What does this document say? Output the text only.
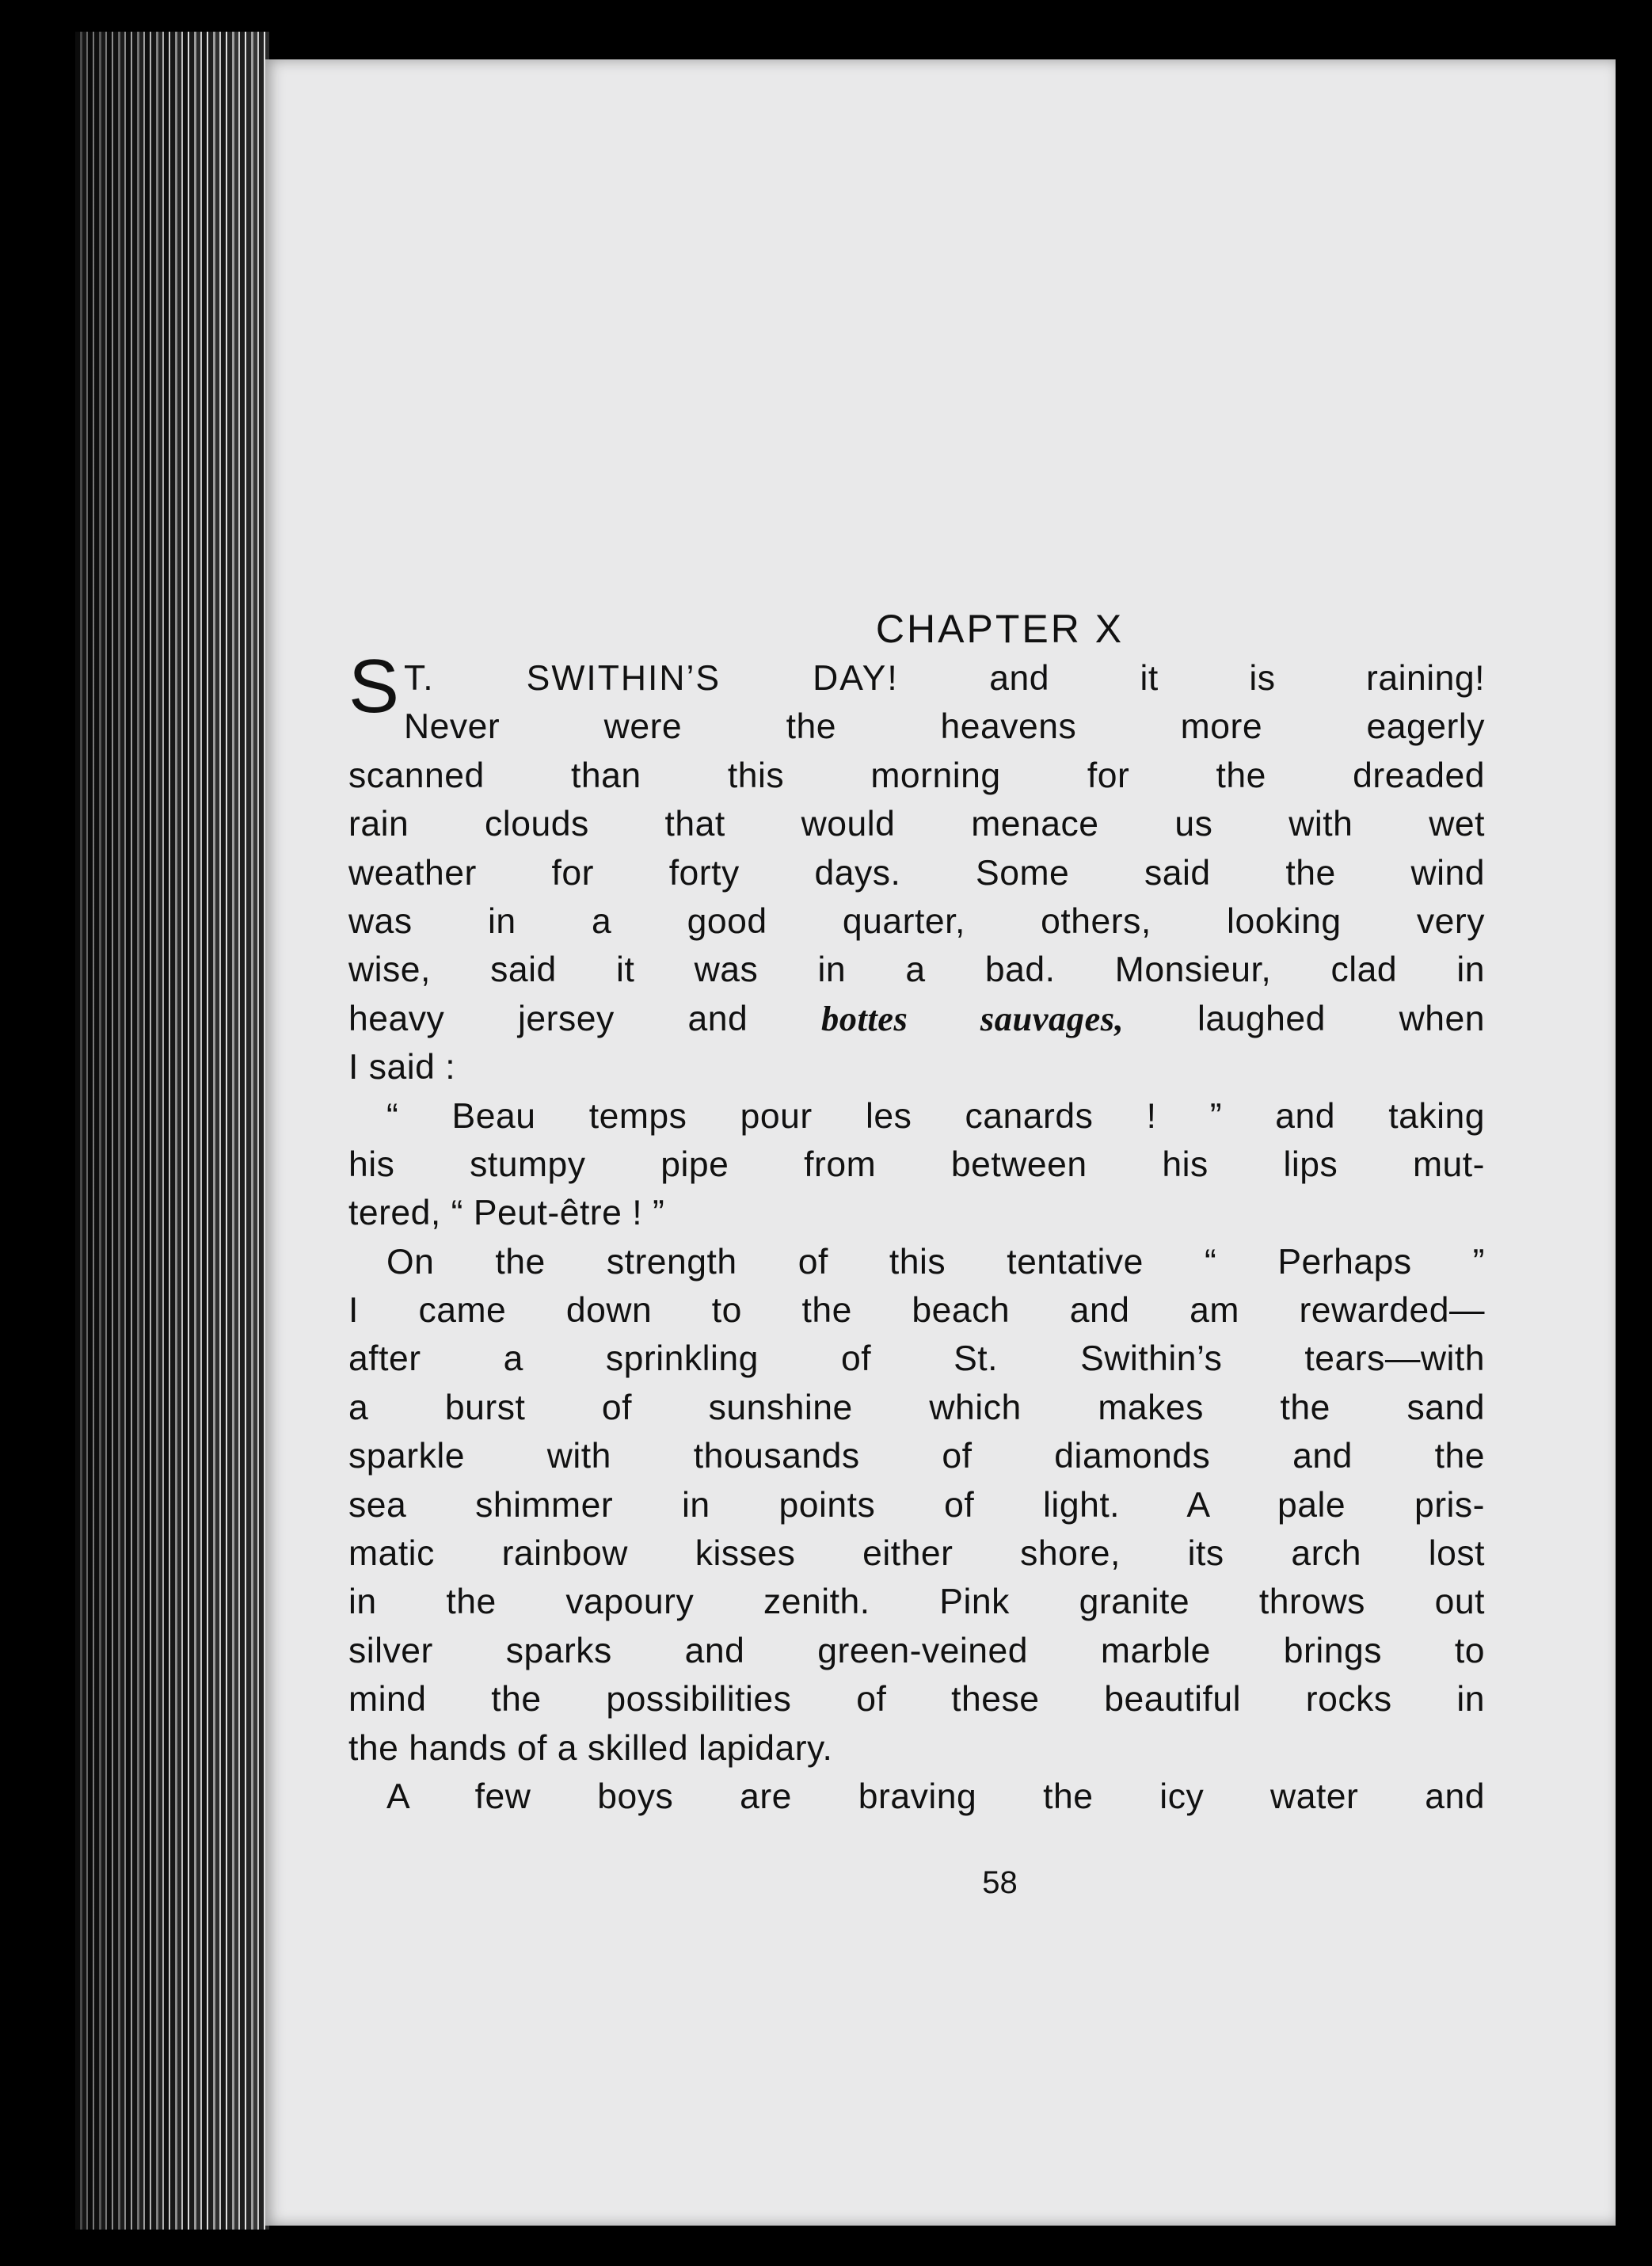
CHAPTER X
58
S T. SWITHIN’S DAY!	and it is raining!
Never were the heavens more eagerly
scanned than this morning for the dreaded
rain clouds that would menace us with wet
weather for forty days. Some said the wind
was in a good quarter, others, looking very
wise, said it was in a bad. Monsieur, clad in
heavy jersey and bottes sauvages, laughed when
I said :
“ Beau temps pour les canards ! ” and taking
his stumpy pipe from between his lips mut-
tered, “ Peut-être ! ”
On the strength of this tentative “ Perhaps ”
I came down to the beach and am rewarded—
after a sprinkling of St. Swithin’s tears—with
a burst of sunshine which makes the sand
sparkle with thousands of diamonds and the
sea shimmer in points of light. A pale pris-
matic rainbow kisses either shore, its arch lost
in the vapoury zenith. Pink granite throws out
silver sparks and green-veined marble brings to
mind the possibilities of these beautiful rocks in
the hands of a skilled lapidary.
A few boys are braving the icy water and
